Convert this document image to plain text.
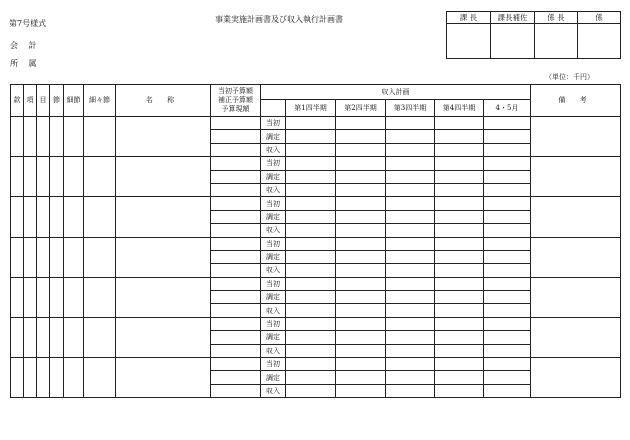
第7号様式	事業実施計画書及び収入執行計画書
会 計
所 属
（単位：千円）
課 長	課長補佐	係 長	係

款	項	目	節	細節	細々節	名 称	当初予算額
補正予算額
予算現額	収入計画						備 考
									第1四半期	第2四半期	第3四半期	第4四半期	4・5月	
								当初						
								調定						
								収入						
								当初						
								調定						
								収入						
								当初						
								調定						
								収入						
								当初						
								調定						
								収入						
								当初						
								調定						
								収入						
								当初						
								調定						
								収入						
								当初						
								調定						
								収入						
